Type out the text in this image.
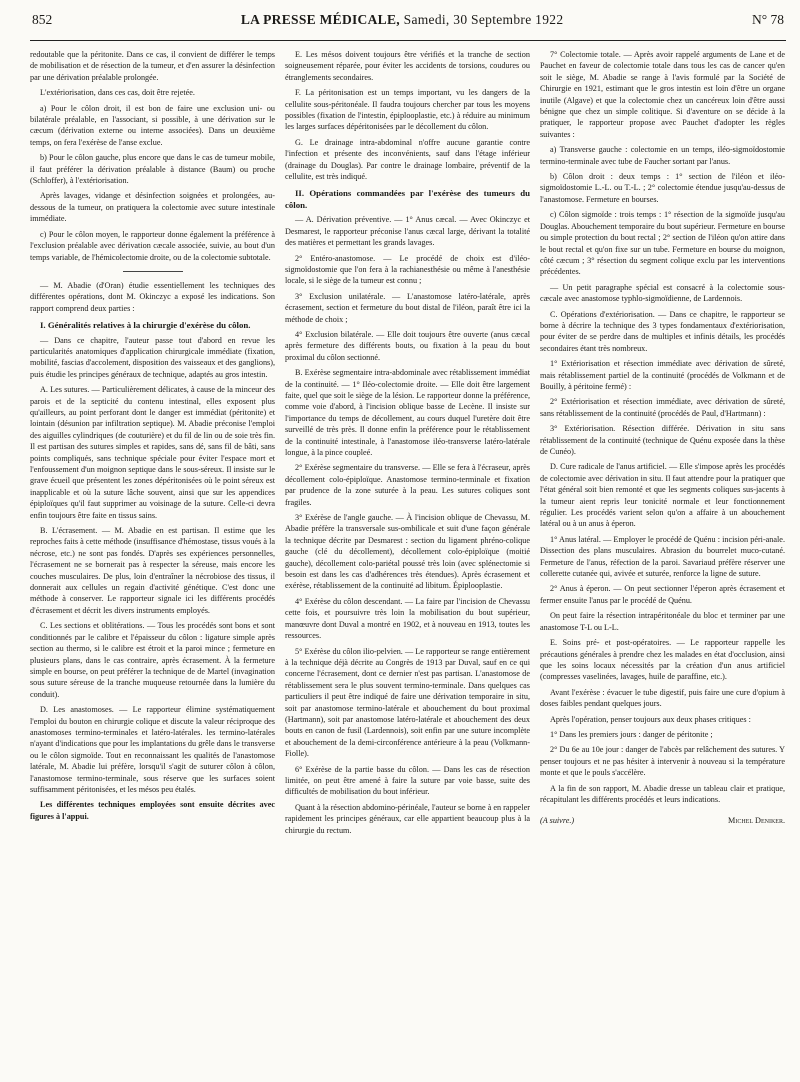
852	LA PRESSE MÉDICALE, Samedi, 30 Septembre 1922	N° 78

redoutable que la péritonite. Dans ce cas, il convient de différer le temps de mobilisation et de résection de la tumeur, et d'en assurer la désinfection par une dérivation préalable prolongée.

L'extériorisation, dans ces cas, doit être rejetée.

a) Pour le côlon droit, il est bon de faire une exclusion uni- ou bilatérale préalable, en l'associant, si possible, à une dérivation sur le cæcum (dérivation externe ou interne associées). Dans un deuxième temps, on fera l'exérèse de l'anse exclue.

b) Pour le côlon gauche, plus encore que dans le cas de tumeur mobile, il faut préférer la dérivation préalable à distance (Baum) ou proche (Schloffer), à l'extériorisation.

Après lavages, vidange et désinfection soignées et prolongées, au-dessous de la tumeur, on pratiquera la colectomie avec suture intestinale immédiate.

c) Pour le côlon moyen, le rapporteur donne également la préférence à l'exclusion préalable avec dérivation cæcale associée, suivie, au bout d'un temps variable, de l'hémicolectomie droite, ou de la colectomie subtotale.

— M. Abadie (d'Oran) étudie essentiellement les techniques des différentes opérations, dont M. Okinczyc a exposé les indications. Son rapport comprend deux parties :

I. Généralités relatives à la chirurgie d'exérèse du côlon.

— Dans ce chapitre, l'auteur passe tout d'abord en revue les particularités anatomiques d'application chirurgicale immédiate (fixation, mobilité, fascias d'accolement, disposition des vaisseaux et des ganglions), puis étudie les principes généraux de technique, adaptés au gros intestin.

A. Les sutures. — Particulièrement délicates, à cause de la minceur des parois et de la septicité du contenu intestinal, elles exposent plus qu'ailleurs, au point perforant dont le danger est immédiat (péritonite) et lointain (désunion par infiltration septique). M. Abadie préconise l'emploi des aiguilles cylindriques (de couturière) et du fil de lin ou de soie très fin. Il est partisan des sutures simples et rapides, sans dé, sans fil de bâti, sans points compliqués, sans technique spéciale pour éviter l'espace mort et l'enfoussement d'un moignon septique dans le sous-séreux. Il insiste sur le grave écueil que présentent les zones dépéritonisées où le point séreux est inapplicable et où la suture lâche souvent, ainsi que sur les appendices épiploïques qu'il faut supprimer au voisinage de la suture. Celle-ci devra enfin toujours être faite en tissus sains.

B. L'écrasement. — M. Abadie en est partisan. Il estime que les reproches faits à cette méthode (insuffisance d'hémostase, tissus voués à la nécrose, etc.) ne sont pas fondés. D'après ses expériences personnelles, l'écrasement ne se bornerait pas à respecter la séreuse, mais encore les couches musculaires. De plus, loin d'entraîner la nécrobiose des tissus, il donnerait aux cellules un regain d'activité génétique. C'est donc une méthode à conserver. Le rapporteur signale ici les différents procédés d'écrasement et décrit les divers instruments employés.

C. Les sections et oblitérations. — Tous les procédés sont bons et sont conditionnés par le calibre et l'épaisseur du côlon : ligature simple après section au thermo, si le calibre est étroit et la paroi mince ; fermeture en plusieurs plans, dans le cas contraire, après écrasement. À la fermeture simple en bourse, on peut préférer la technique de de Martel (invagination sous suture séreuse de la tranche muqueuse retournée dans la lumière du conduit).

D. Les anastomoses. — Le rapporteur élimine systématiquement l'emploi du bouton en chirurgie colique et discute la valeur réciproque des anastomoses termino-terminales et latéro-latérales. les termino-latérales n'ayant d'indications que pour les implantations du grêle dans le transverse ou le côlon sigmoïde. Tout en reconnaissant les qualités de l'anastomose latérale, M. Abadie lui préfère, lorsqu'il s'agit de suturer côlon à côlon, l'anastomose termino-terminale, sous réserve que les surfaces soient suffisamment péritonisées, et les mésos peu étalés.

Les différentes techniques employées sont ensuite décrites avec figures à l'appui.

E. Les mésos doivent toujours être vérifiés et la tranche de section soigneusement réparée, pour éviter les accidents de torsions, coudures ou étranglements secondaires.

F. La péritonisation est un temps important, vu les dangers de la cellulite sous-péritonéale. Il faudra toujours chercher par tous les moyens possibles (fixation de l'intestin, épiplooplastie, etc.) à réduire au minimum les larges surfaces dépéritonisées par le décollement du côlon.

G. Le drainage intra-abdominal n'offre aucune garantie contre l'infection et présente des inconvénients, sauf dans l'étage inférieur (drainage du Douglas). Par contre le drainage lombaire, préventif de la cellulite, est très indiqué.

II. Opérations commandées par l'exérèse des tumeurs du côlon.

— A. Dérivation préventive. — 1° Anus cæcal. — Avec Okinczyc et Desmarest, le rapporteur préconise l'anus cæcal large, dérivant la totalité des matières et permettant les grands lavages.

2° Entéro-anastomose. — Le procédé de choix est d'iléo-sigmoïdostomie que l'on fera à la rachianesthésie ou même à l'anesthésie locale, si le siège de la tumeur est connu ;

3° Exclusion unilatérale. — L'anastomose latéro-latérale, après écrasement, section et fermeture du bout distal de l'iléon, paraît être ici la méthode de choix ;

4° Exclusion bilatérale. — Elle doit toujours être ouverte (anus cæcal après fermeture des différents bouts, ou fixation à la peau du bout proximal du côlon sectionné.

B. Exérèse segmentaire intra-abdominale avec rétablissement immédiat de la continuité. — 1° Iléo-colectomie droite. — Elle doit être largement faite, quel que soit le siège de la lésion. Le rapporteur donne la préférence, comme voie d'abord, à l'incision oblique basse de Lecène. Il insiste sur l'importance du temps de décollement, au cours duquel l'uretère doit être surveillé de très près. Il donne enfin la préférence pour le rétablissement de la continuité intestinale, à l'anastomose iléo-transverse latéro-latérale longue, à la pince coupleé.

2° Exérèse segmentaire du transverse. — Elle se fera à l'écraseur, après décollement colo-épiploïque. Anastomose termino-terminale et fixation par prudence de la zone suturée à la peau. Les sutures coliques sont fragiles.

3° Exérèse de l'angle gauche. — À l'incision oblique de Chevassu, M. Abadie préfère la transversale sus-ombilicale et suit d'une façon générale la technique décrite par Desmarest : section du ligament phréno-colique gauche (clé du décollement), décollement colo-épiploïque (moitié gauche), décollement colo-pariétal poussé très loin (avec splénectomie si besoin est dans les cas d'adhérences très étendues). Après écrasement et exérèse, rétablissement de la continuité ad libitum. Épiplooplastie.

4° Exérèse du côlon descendant. — La faire par l'incision de Chevassu cette fois, et poursuivre très loin la mobilisation du bout supérieur, manœuvre dont Duval a montré en 1902, et à nouveau en 1913, toutes les ressources.

5° Exérèse du côlon ilio-pelvien. — Le rapporteur se range entièrement à la technique déjà décrite au Congrès de 1913 par Duval, sauf en ce qui concerne l'écrasement, dont ce dernier n'est pas partisan. L'anastomose de rétablissement sera le plus souvent termino-terminale. Dans quelques cas particuliers il peut être indiqué de faire une dérivation temporaire in situ, soit par anastomose termino-latérale et abouchement du bout proximal (Hartmann), soit par anastomose latéro-latérale et abouchement des deux bouts en canon de fusil (Lardennois), soit enfin par une suture incomplète et abouchement de la demi-circonférence antérieure à la peau (Volkmann-Fiolle).

6° Exérèse de la partie basse du côlon. — Dans les cas de résection limitée, on peut être amené à faire la suture par voie basse, suite des difficultés de mobilisation du bout inférieur.

Quant à la résection abdomino-périnéale, l'auteur se borne à en rappeler rapidement les principes généraux, car elle appartient beaucoup plus à la chirurgie du rectum.

7° Colectomie totale. — Après avoir rappelé arguments de Lane et de Pauchet en faveur de colectomie totale dans tous les cas de cancer qu'en soit le siège, M. Abadie se range à l'avis formulé par la Société de Chirurgie en 1921, estimant que le gros intestin est loin d'être un organe inutile (Algave) et que la colectomie chez un cancéreux loin d'être aussi bénigne que chez un simple colitique. Si d'aventure on se décide à la pratiquer, le rapporteur propose avec Pauchet d'adopter les règles suivantes :

a) Transverse gauche : colectomie en un temps, iléo-sigmoïdostomie termino-terminale avec tube de Faucher sortant par l'anus.

b) Côlon droit : deux temps : 1° section de l'iléon et iléo-sigmoïdostomie L.-L. ou T.-L. ; 2° colectomie étendue jusqu'au-dessus de l'anastomose. Fermeture en bourses.

c) Côlon sigmoïde : trois temps : 1° résection de la sigmoïde jusqu'au Douglas. Abouchement temporaire du bout supérieur. Fermeture en bourse ou simple protection du bout rectal ; 2° section de l'iléon qu'on attire dans le bout rectal et qu'on fixe sur un tube. Fermeture en bourse du moignon, côté cæcum ; 3° résection du segment colique exclu par les interventions précédentes.

— Un petit paragraphe spécial est consacré à la colectomie sous-cæcale avec anastomose typhlo-sigmoïdienne, de Lardennois.

C. Opérations d'extériorisation. — Dans ce chapitre, le rapporteur se borne à décrire la technique des 3 types fondamentaux d'extériorisation, pour éviter de se perdre dans de multiples et infinis détails, les procédés secondaires étant très nombreux.

1° Extériorisation et résection immédiate avec dérivation de sûreté, mais rétablissement partiel de la continuité (procédés de Volkmann et de Bouilly, à péritoine fermé) :

2° Extériorisation et résection immédiate, avec dérivation de sûreté, sans rétablissement de la continuité (procédés de Paul, d'Hartmann) :

3° Extériorisation. Résection différée. Dérivation in situ sans rétablissement de la continuité (technique de Quénu exposée dans la thèse de Cunéo).

D. Cure radicale de l'anus artificiel. — Elle s'impose après les procédés de colectomie avec dérivation in situ. Il faut attendre pour la pratiquer que l'état général soit bien remonté et que les segments coliques sus-jacents à la tumeur aient repris leur tonicité normale et leur fonctionnement régulier. Les procédés varient selon qu'on a affaire à un abouchement latéral ou à un anus à éperon.

1° Anus latéral. — Employer le procédé de Quénu : incision péri-anale. Dissection des plans musculaires. Abrasion du bourrelet muco-cutané. Fermeture de l'anus, réfection de la paroi. Savariaud préfère réserver une collerette cutanée qui, avivée et suturée, renforce la ligne de suture.

2° Anus à éperon. — On peut sectionner l'éperon après écrasement et fermer ensuite l'anus par le procédé de Quénu.

On peut faire la résection intrapéritonéale du bloc et terminer par une anastomose T-L ou L-L.

E. Soins pré- et post-opératoires. — Le rapporteur rappelle les précautions générales à prendre chez les malades en état d'occlusion, ainsi que les soins locaux nécessités par la création d'un anus artificiel (compresses vaselinées, lavages, huile de paraffine, etc.).

Avant l'exérèse : évacuer le tube digestif, puis faire une cure d'opium à doses faibles pendant quelques jours.

Après l'opération, penser toujours aux deux phases critiques :

1° Dans les premiers jours : danger de péritonite ;

2° Du 6e au 10e jour : danger de l'abcès par relâchement des sutures. Y penser toujours et ne pas hésiter à intervenir à nouveau si la température monte et que le pouls s'accélère.

A la fin de son rapport, M. Abadie dresse un tableau clair et pratique, récapitulant les différents procédés et leurs indications.

(A suivre.)	Michel Deniker.
